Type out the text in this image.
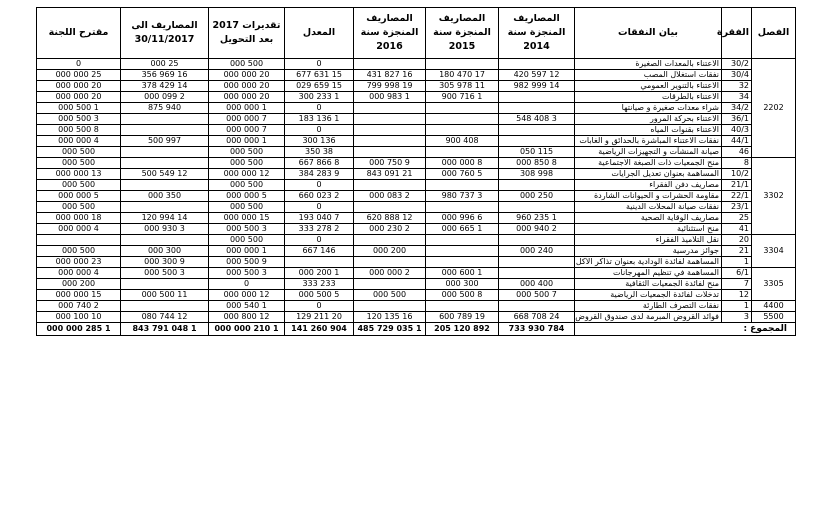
الفصل	الفقرة	بيان النفقات	المصاريف المنجزة سنة 2014	المصاريف المنجزة سنة 2015	المصاريف المنجزة سنة 2016	المعدل	تقديرات 2017 بعد التحويل	المصاريف الى 30/11/2017	مقترح اللجنة
2202	30/2	الاعتناء بالمعدات الصغيرة				0	500 000	25 000	0
	30/4	نفقات استغلال المصب	12 597 420	17 470 180	16 827 431	15 631 677	20 000 000	16 969 356	25 000 000
	32	الاعتناء بالتنوير العمومي	14 999 982	11 978 305	19 998 799	15 659 029	20 000 000	14 429 378	20 000 000
	34	الاعتناء بالطرقات		1 716 900	1 983 000	1 233 300	20 000 000	2 099 000	20 000 000
	34/2	شراء معدات صغيرة و صيانتها				0	1 000 000	940 875	1 500 000
	36/1	الاعتناء بحركة المرور	3 408 548			1 136 183	7 000 000		3 500 000
	40/3	الاعتناء بقنوات المياه				0	7 000 000		8 500 000
	44/1	نفقات الاعتناء المباشرة بالحدائق و الغابات		408 900		136 300	1 000 000	997 500	4 000 000
	46	صيانة المنشآت و التجهيزات الرياضية	115 050			38 350	500 000		500 000
3302	8	منح الجمعيات ذات الصبغة الاجتماعية	8 850 000	8 000 000	9 750 000	8 866 667	500 000		500 000
	10/2	المساهمة بعنوان تعديل الجرايات	998 308	5 760 000	21 091 843	9 283 384	12 000 000	12 549 500	13 000 000
	21/1	مصاريف دفن الفقراء				0	500 000		500 000
	22/1	مقاومة الحشرات و الحيوانات الشاردة	250 000	3 737 980	2 083 000	2 023 660	5 000 000	350 000	5 000 000
	23/1	نفقات صيانة المحلات الدينية				0	500 000		500 000
	25	مصاريف الوقاية الصحية	1 235 960	6 996 000	12 888 620	7 040 193	15 000 000	14 994 120	18 000 000
	41	منح استثنائية	2 940 000	1 665 000	2 230 000	2 278 333	3 500 000	3 930 000	4 000 000
3304	20	نقل التلاميذ الفقراء				0	500 000		
	21	جوائز مدرسية	240 000		200 000	146 667	1 000 000	300 000	500 000
	1	المساهمة لفائدة الودادية بعنوان تذاكر الاكل					9 500 000	9 300 000	23 000 000
3305	6/1	المساهمة في تنظيم المهرجانات		1 600 000	2 000 000	1 200 000	3 500 000	3 500 000	4 000 000
	7	منح لفائدة الجمعيات الثقافية	400 000	300 000		233 333	0		200 000
	12	تدخلات لفائدة الجمعيات الرياضية	7 500 000	8 500 000	500 000	5 500 000	12 000 000	11 500 000	15 000 000
4400	1	نفقات التصرف الطارئة				0	1 540 000		2 740 000
5500	3	فوائد القروض المبرمة لدى صندوق القروض	24 708 668	19 789 600	16 135 120	20 211 129	12 800 000	12 744 080	10 100 000
المجموع :			784 930 733	892 120 205	1 035 729 485	904 260 141	1 210 000 000	1 048 791 843	1 285 000 000
